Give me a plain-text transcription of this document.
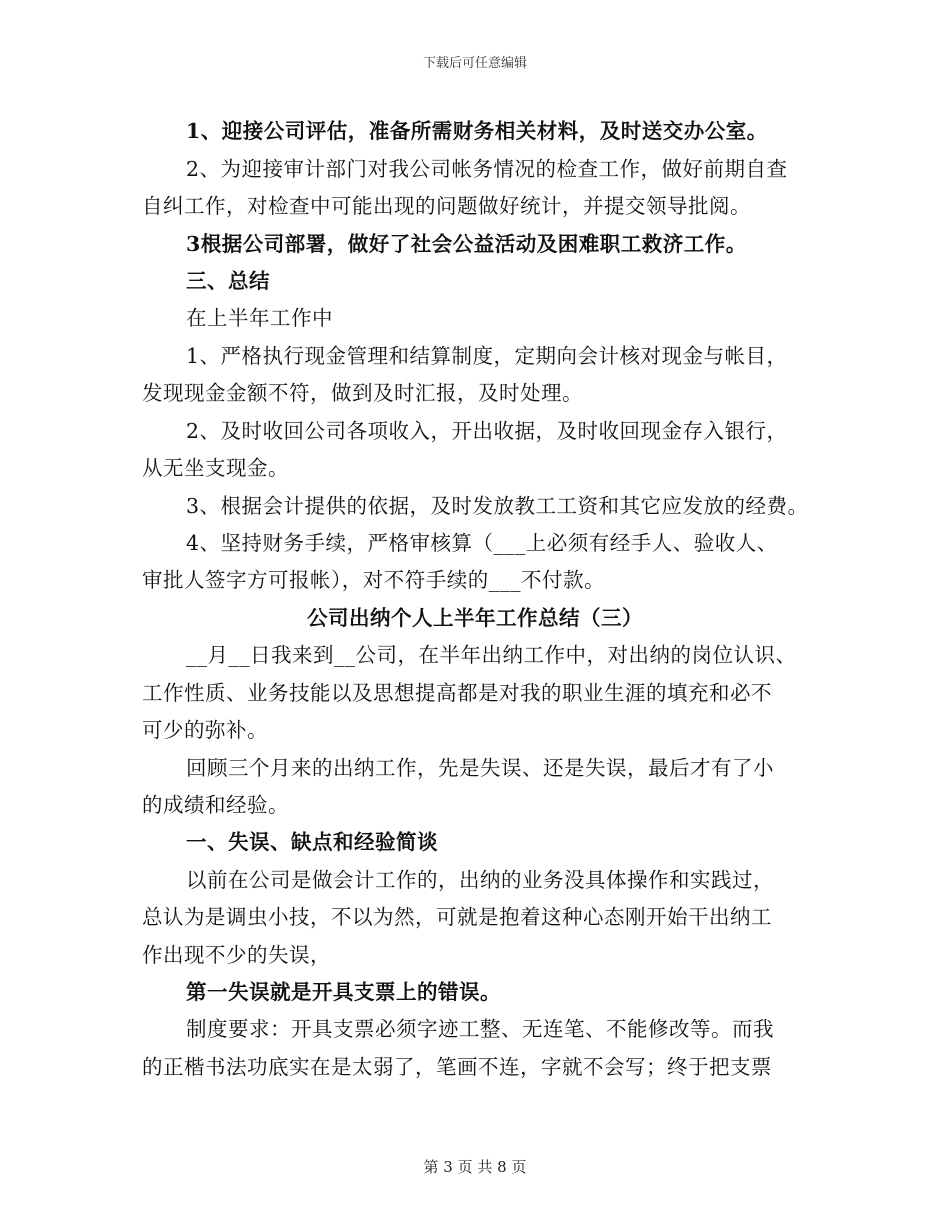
下载后可任意编辑
1、迎接公司评估，准备所需财务相关材料，及时送交办公室。
2、为迎接审计部门对我公司帐务情况的检查工作，做好前期自查
自纠工作，对检查中可能出现的问题做好统计，并提交领导批阅。
3根据公司部署，做好了社会公益活动及困难职工救济工作。
三、总结
在上半年工作中
1、严格执行现金管理和结算制度，定期向会计核对现金与帐目，
发现现金金额不符，做到及时汇报，及时处理。
2、及时收回公司各项收入，开出收据，及时收回现金存入银行，
从无坐支现金。
3、根据会计提供的依据，及时发放教工工资和其它应发放的经费。
4、坚持财务手续，严格审核算（___上必须有经手人、验收人、
审批人签字方可报帐），对不符手续的___不付款。
公司出纳个人上半年工作总结（三）
__月__日我来到__公司，在半年出纳工作中，对出纳的岗位认识、
工作性质、业务技能以及思想提高都是对我的职业生涯的填充和必不
可少的弥补。
回顾三个月来的出纳工作，先是失误、还是失误，最后才有了小
的成绩和经验。
一、失误、缺点和经验简谈
以前在公司是做会计工作的，出纳的业务没具体操作和实践过，
总认为是调虫小技，不以为然，可就是抱着这种心态刚开始干出纳工
作出现不少的失误，
第一失误就是开具支票上的错误。
制度要求：开具支票必须字迹工整、无连笔、不能修改等。而我
的正楷书法功底实在是太弱了，笔画不连，字就不会写；终于把支票
第 3 页 共 8 页
